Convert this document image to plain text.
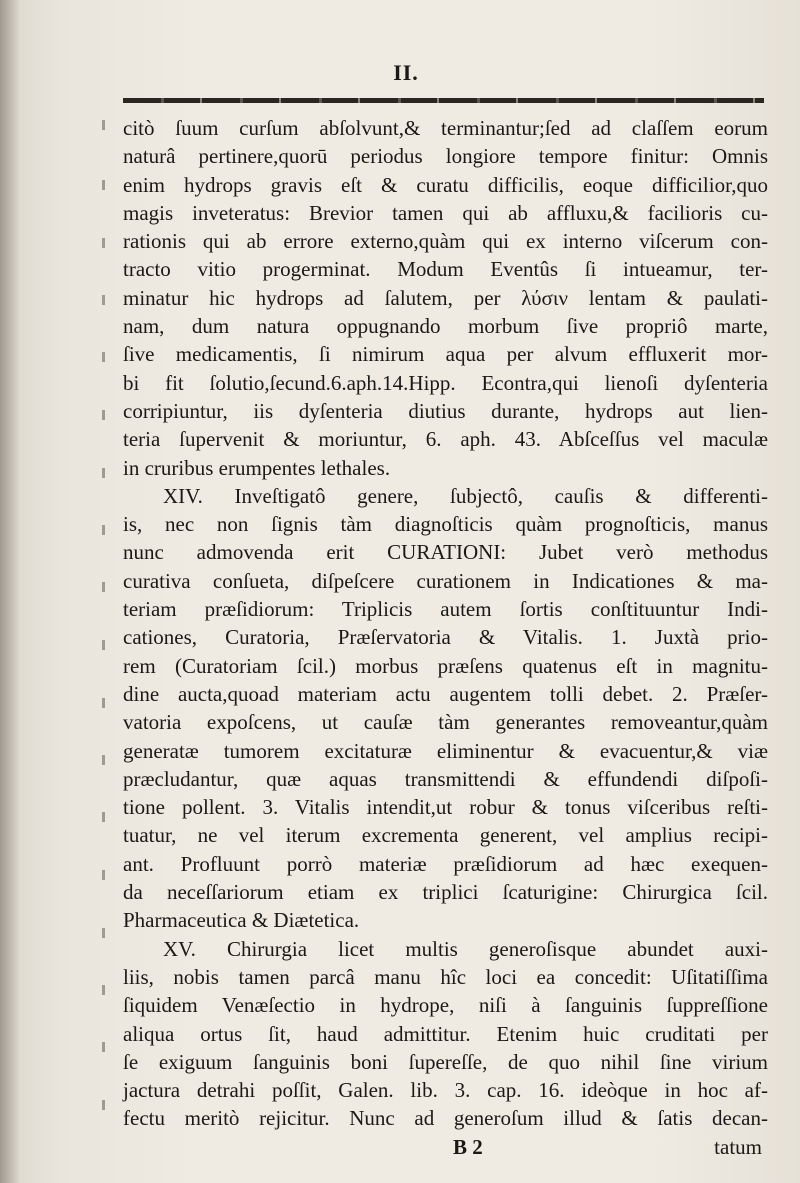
II.
citò ſuum curſum abſolvunt,& terminantur;ſed ad claſſem eorum
naturâ pertinere,quorū periodus longiore tempore finitur: Omnis
enim hydrops gravis eſt & curatu difficilis, eoque difficilior,quo
magis inveteratus: Brevior tamen qui ab affluxu,& facilioris cu-
rationis qui ab errore externo,quàm qui ex interno viſcerum con-
tracto vitio progerminat. Modum Eventûs ſi intueamur, ter-
minatur hic hydrops ad ſalutem, per λύσιν lentam & paulati-
nam, dum natura oppugnando morbum ſive propriô marte,
ſive medicamentis, ſi nimirum aqua per alvum effluxerit mor-
bi fit ſolutio,ſecund.6.aph.14.Hipp. Econtra,qui lienoſi dyſenteria
corripiuntur, iis dyſenteria diutius durante, hydrops aut lien-
teria ſupervenit & moriuntur, 6. aph. 43. Abſceſſus vel maculæ
in cruribus erumpentes lethales.
XIV. Inveſtigatô genere, ſubjectô, cauſis & differenti-
is, nec non ſignis tàm diagnoſticis quàm prognoſticis, manus
nunc admovenda erit CURATIONI: Jubet verò methodus
curativa conſueta, diſpeſcere curationem in Indicationes & ma-
teriam præſidiorum: Triplicis autem ſortis conſtituuntur Indi-
cationes, Curatoria, Præſervatoria & Vitalis. 1. Juxtà prio-
rem (Curatoriam ſcil.) morbus præſens quatenus eſt in magnitu-
dine aucta,quoad materiam actu augentem tolli debet. 2. Præſer-
vatoria expoſcens, ut cauſæ tàm generantes removeantur,quàm
generatæ tumorem excitaturæ eliminentur & evacuentur,& viæ
præcludantur, quæ aquas transmittendi & effundendi diſpoſi-
tione pollent. 3. Vitalis intendit,ut robur & tonus viſceribus reſti-
tuatur, ne vel iterum excrementa generent, vel amplius recipi-
ant. Profluunt porrò materiæ præſidiorum ad hæc exequen-
da neceſſariorum etiam ex triplici ſcaturigine: Chirurgica ſcil.
Pharmaceutica & Diætetica.
XV. Chirurgia licet multis generoſisque abundet auxi-
liis, nobis tamen parcâ manu hîc loci ea concedit: Uſitatiſſima
ſiquidem Venæſectio in hydrope, niſi à ſanguinis ſuppreſſione
aliqua ortus ſit, haud admittitur. Etenim huic cruditati per
ſe exiguum ſanguinis boni ſupereſſe, de quo nihil ſine virium
jactura detrahi poſſit, Galen. lib. 3. cap. 16. ideòque in hoc af-
fectu meritò rejicitur. Nunc ad generoſum illud & ſatis decan-
B 2	tatum
